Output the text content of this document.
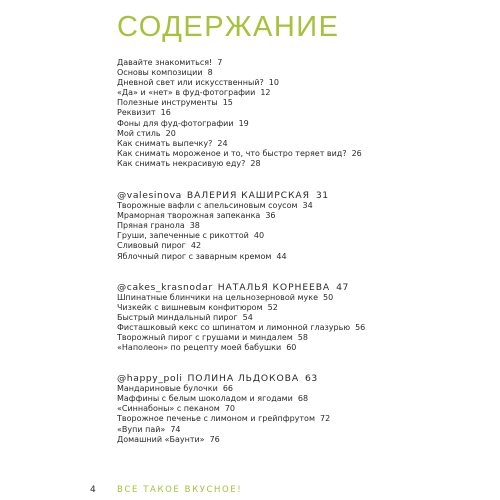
СОДЕРЖАНИЕ
Давайте знакомиться! 7
Основы композиции 8
Дневной свет или искусственный? 10
«Да» и «нет» в фуд-фотографии 12
Полезные инструменты 15
Реквизит 16
Фоны для фуд-фотографии 19
Мой стиль 20
Как снимать выпечку? 24
Как снимать мороженое и то, что быстро теряет вид? 26
Как снимать некрасивую еду? 28
@valesinova ВАЛЕРИЯ КАШИРСКАЯ 31
Творожные вафли с апельсиновым соусом 34
Мраморная творожная запеканка 36
Пряная гранола 38
Груши, запеченные с рикоттой 40
Сливовый пирог 42
Яблочный пирог с заварным кремом 44
@cakes_krasnodar НАТАЛЬЯ КОРНЕЕВА 47
Шпинатные блинчики на цельнозерновой муке 50
Чизкейк с вишневым конфитюром 52
Быстрый миндальный пирог 54
Фисташковый кекс со шпинатом и лимонной глазурью 56
Творожный пирог с грушами и миндалем 58
«Наполеон» по рецепту моей бабушки 60
@happy_poli ПОЛИНА ЛЬДОКОВА 63
Мандариновые булочки 66
Маффины с белым шоколадом и ягодами 68
«Синнабоны» с пеканом 70
Творожное печенье с лимоном и грейпфрутом 72
«Вупи пай» 74
Домашний «Баунти» 76
4	ВСЕ ТАКОЕ ВКУСНОЕ!
